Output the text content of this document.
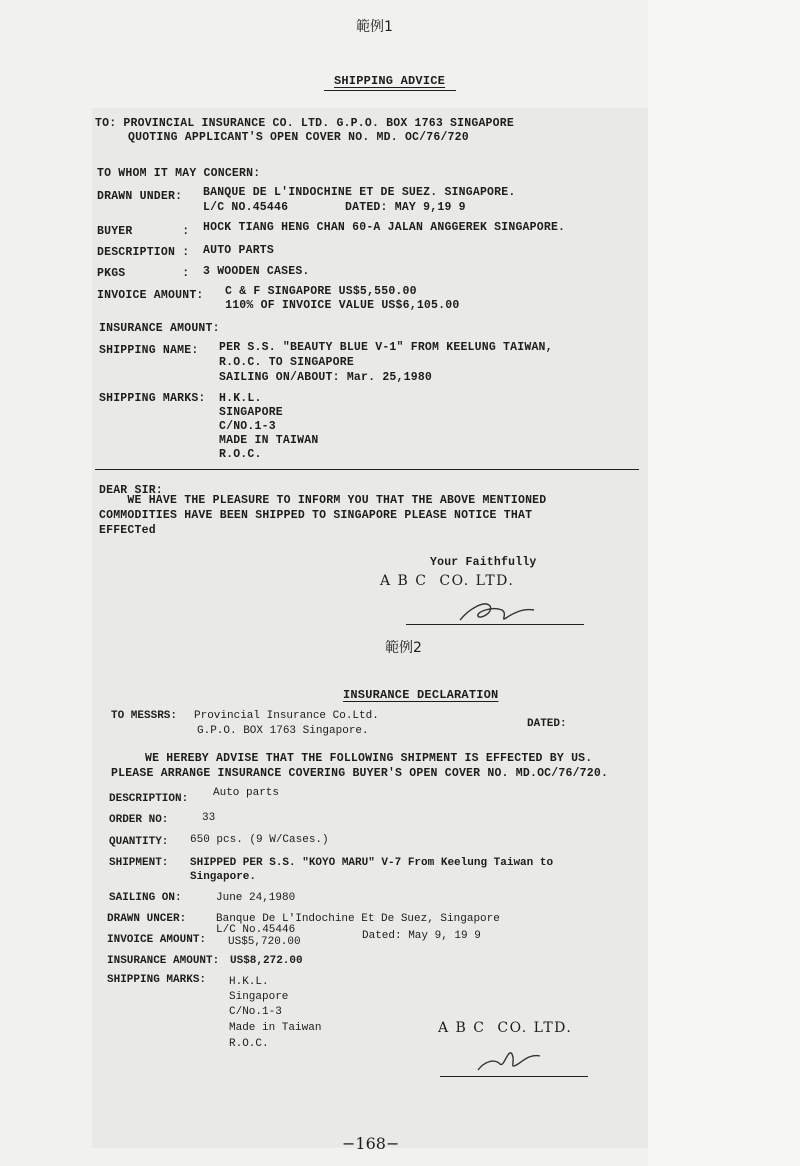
範例1
SHIPPING ADVICE
TO: PROVINCIAL INSURANCE CO. LTD. G.P.O. BOX 1763 SINGAPORE
QUOTING APPLICANT'S OPEN COVER NO. MD. OC/76/720
TO WHOM IT MAY CONCERN:
DRAWN UNDER: BANQUE DE L'INDOCHINE ET DE SUEZ. SINGAPORE.
L/C NO.45446        DATED: MAY 9,19 9
BUYER       : HOCK TIANG HENG CHAN 60-A JALAN ANGGEREK SINGAPORE.
DESCRIPTION : AUTO PARTS
PKGS        : 3 WOODEN CASES.
INVOICE AMOUNT: C & F SINGAPORE US$5,550.00
110% OF INVOICE VALUE US$6,105.00
INSURANCE AMOUNT:
SHIPPING NAME: PER S.S. "BEAUTY BLUE V-1" FROM KEELUNG TAIWAN,
R.O.C. TO SINGAPORE
SAILING ON/ABOUT: Mar. 25,1980
SHIPPING MARKS: H.K.L.
SINGAPORE
C/NO.1-3
MADE IN TAIWAN
R.O.C.
DEAR SIR:
WE HAVE THE PLEASURE TO INFORM YOU THAT THE ABOVE MENTIONED
COMMODITIES HAVE BEEN SHIPPED TO SINGAPORE PLEASE NOTICE THAT
EFFECTed
Your Faithfully
A B C  CO. LTD.
範例2
INSURANCE DECLARATION
TO MESSRS: Provincial Insurance Co.Ltd.
G.P.O. BOX 1763 Singapore.
DATED:
WE HEREBY ADVISE THAT THE FOLLOWING SHIPMENT IS EFFECTED BY US.
PLEASE ARRANGE INSURANCE COVERING BUYER'S OPEN COVER NO. MD.OC/76/720.
DESCRIPTION: Auto parts
ORDER NO:	33
QUANTITY: 650 pcs. (9 W/Cases.)
SHIPMENT: SHIPPED PER S.S. "KOYO MARU" V-7 From Keelung Taiwan to
Singapore.
SAILING ON:	June 24,1980
DRAWN UNCER:	Banque De L'Indochine Et De Suez, Singapore
L/C No.45446	Dated: May 9, 19 9
INVOICE AMOUNT: US$5,720.00
INSURANCE AMOUNT: US$8,272.00
SHIPPING MARKS: H.K.L.
Singapore
C/No.1-3
Made in Taiwan
R.O.C.
A B C  CO. LTD.
−168−
